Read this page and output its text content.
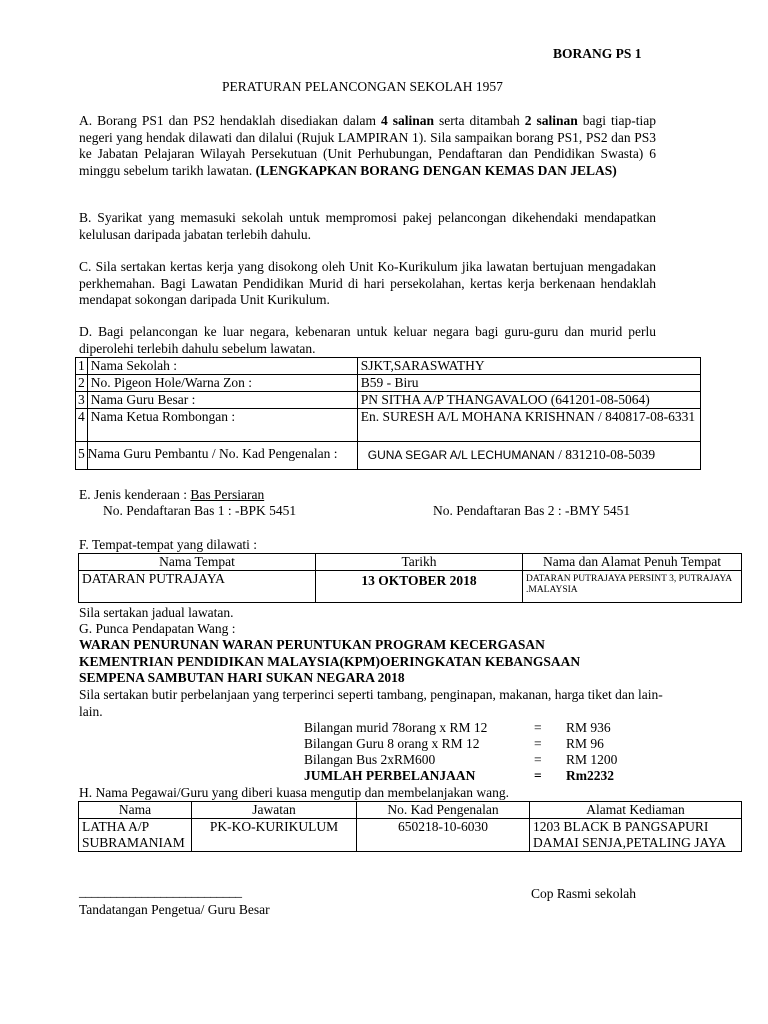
BORANG PS 1
PERATURAN PELANCONGAN SEKOLAH 1957
A. Borang PS1 dan PS2 hendaklah disediakan dalam 4 salinan serta ditambah 2 salinan bagi tiap-tiap negeri yang hendak dilawati dan dilalui (Rujuk LAMPIRAN 1). Sila sampaikan borang PS1, PS2 dan PS3 ke Jabatan Pelajaran Wilayah Persekutuan (Unit Perhubungan, Pendaftaran dan Pendidikan Swasta) 6 minggu sebelum tarikh lawatan. (LENGKAPKAN BORANG DENGAN KEMAS DAN JELAS)
B. Syarikat yang memasuki sekolah untuk mempromosi pakej pelancongan dikehendaki mendapatkan kelulusan daripada jabatan terlebih dahulu.
C. Sila sertakan kertas kerja yang disokong oleh Unit Ko-Kurikulum jika lawatan bertujuan mengadakan perkhemahan. Bagi Lawatan Pendidikan Murid di hari persekolahan, kertas kerja berkenaan hendaklah mendapat sokongan daripada Unit Kurikulum.
D. Bagi pelancongan ke luar negara, kebenaran untuk keluar negara bagi guru-guru dan murid perlu diperolehi terlebih dahulu sebelum lawatan.
1	Nama Sekolah :	SJKT,SARASWATHY
2	No. Pigeon Hole/Warna Zon :	B59 - Biru
3	Nama Guru Besar :	PN SITHA A/P THANGAVALOO (641201-08-5064)
4	Nama Ketua Rombongan :	En. SURESH A/L MOHANA KRISHNAN / 840817-08-6331
5	Nama Guru Pembantu / No. Kad Pengenalan :	GUNA SEGAR A/L LECHUMANAN / 831210-08-5039
E. Jenis kenderaan : Bas Persiaran
No. Pendaftaran Bas 1 : -BPK 5451	No. Pendaftaran Bas 2 : -BMY 5451
F. Tempat-tempat yang dilawati :
Nama Tempat	Tarikh	Nama dan Alamat Penuh Tempat
DATARAN PUTRAJAYA	13 OKTOBER 2018	DATARAN PUTRAJAYA PERSINT 3, PUTRAJAYA .MALAYSIA
Sila sertakan jadual lawatan.
G. Punca Pendapatan Wang :
WARAN PENURUNAN WARAN PERUNTUKAN PROGRAM KECERGASAN KEMENTRIAN PENDIDIKAN MALAYSIA(KPM)OERINGKATAN KEBANGSAAN SEMPENA SAMBUTAN HARI SUKAN NEGARA 2018
Sila sertakan butir perbelanjaan yang terperinci seperti tambang, penginapan, makanan, harga tiket dan lain-lain.
Bilangan murid 78orang x RM 12	= RM 936
Bilangan Guru 8 orang x RM 12	= RM 96
Bilangan Bus 2xRM600	= RM 1200
JUMLAH PERBELANJAAN	= Rm2232
H. Nama Pegawai/Guru yang diberi kuasa mengutip dan membelanjakan wang.
Nama	Jawatan	No. Kad Pengenalan	Alamat Kediaman
LATHA A/P SUBRAMANIAM	PK-KO-KURIKULUM	650218-10-6030	1203 BLACK B PANGSAPURI DAMAI SENJA,PETALING JAYA
__________________________
Tandatangan Pengetua/ Guru Besar
Cop Rasmi sekolah
